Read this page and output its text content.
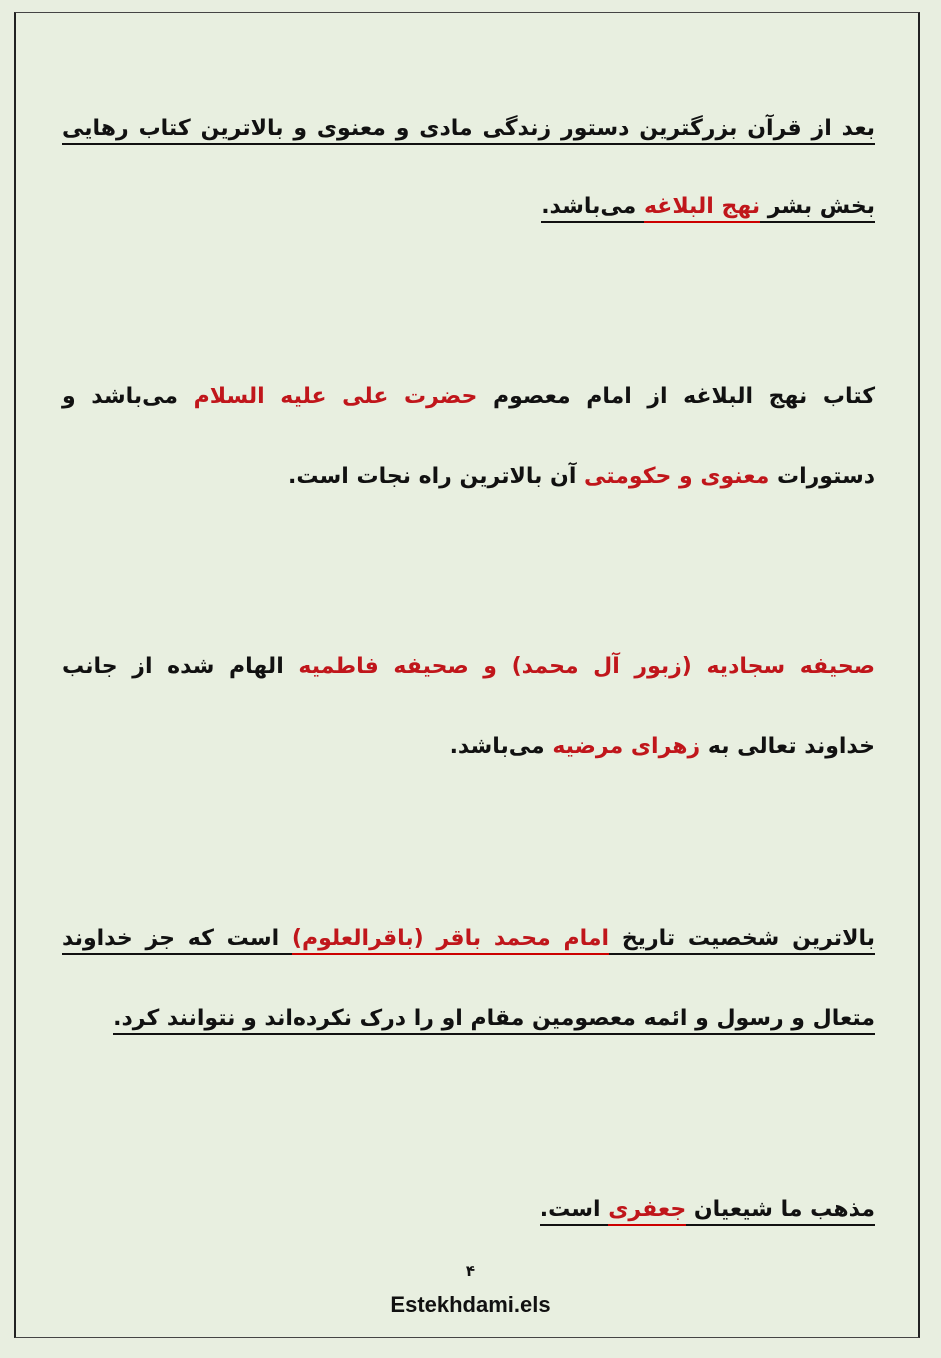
بعد از قرآن بزرگترین دستور زندگی مادی و معنوی و بالاترین کتاب رهایی
بخش بشر نهج البلاغه می‌باشد.
کتاب نهج البلاغه از امام معصوم حضرت علی علیه السلام می‌باشد و
دستورات معنوی و حکومتی آن بالاترین راه نجات است.
صحیفه سجادیه (زبور آل محمد) و صحیفه فاطمیه الهام شده از جانب
خداوند تعالی به زهرای مرضیه می‌باشد.
بالاترین شخصیت تاریخ امام محمد باقر (باقرالعلوم) است که جز خداوند
متعال و رسول و ائمه معصومین مقام او را درک نکرده‌اند و نتوانند کرد.
مذهب ما شیعیان جعفری است.
۴
Estekhdami.els
